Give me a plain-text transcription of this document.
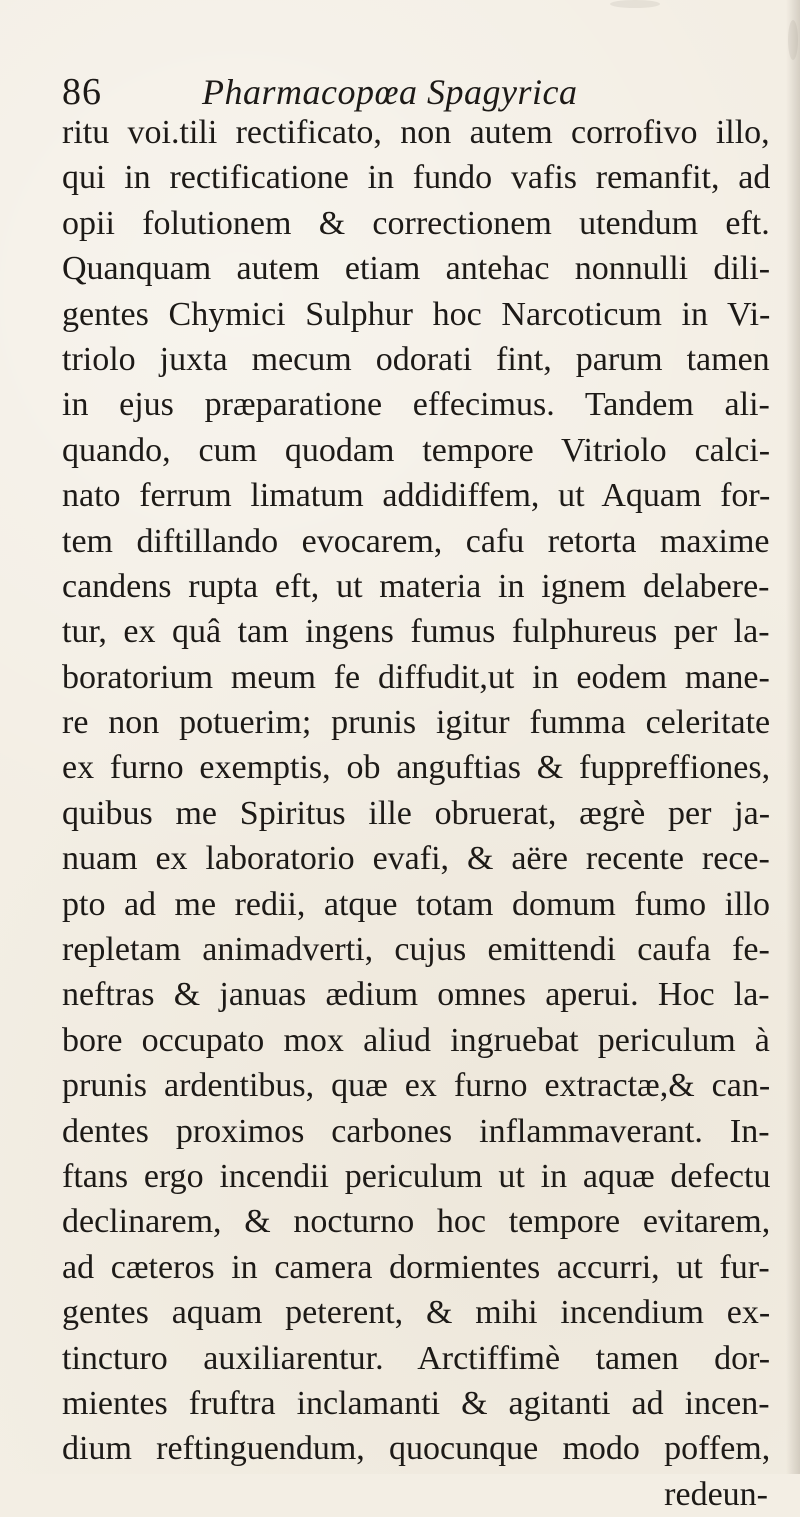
86	Pharmacopœa Spagyrica
ritu voi.tili rectificato, non autem corrofivo illo,
qui in rectificatione in fundo vafis remanfit, ad
opii folutionem & correctionem utendum eft.
Quanquam autem etiam antehac nonnulli dili-
gentes Chymici Sulphur hoc Narcoticum in Vi-
triolo juxta mecum odorati fint, parum tamen
in ejus præparatione effecimus. Tandem ali-
quando, cum quodam tempore Vitriolo calci-
nato ferrum limatum addidiffem, ut Aquam for-
tem diftillando evocarem, cafu retorta maxime
candens rupta eft, ut materia in ignem delabere-
tur, ex quâ tam ingens fumus fulphureus per la-
boratorium meum fe diffudit,ut in eodem mane-
re non potuerim; prunis igitur fumma celeritate
ex furno exemptis, ob anguftias & fuppreffiones,
quibus me Spiritus ille obruerat, ægrè per ja-
nuam ex laboratorio evafi, & aëre recente rece-
pto ad me redii, atque totam domum fumo illo
repletam animadverti, cujus emittendi caufa fe-
neftras & januas ædium omnes aperui. Hoc la-
bore occupato mox aliud ingruebat periculum à
prunis ardentibus, quæ ex furno extractæ,& can-
dentes proximos carbones inflammaverant. In-
ftans ergo incendii periculum ut in aquæ defectu
declinarem, & nocturno hoc tempore evitarem,
ad cæteros in camera dormientes accurri, ut fur-
gentes aquam peterent, & mihi incendium ex-
tincturo auxiliarentur. Arctiffimè tamen dor-
mientes fruftra inclamanti & agitanti ad incen-
dium reftinguendum, quocunque modo poffem,
redeun-
